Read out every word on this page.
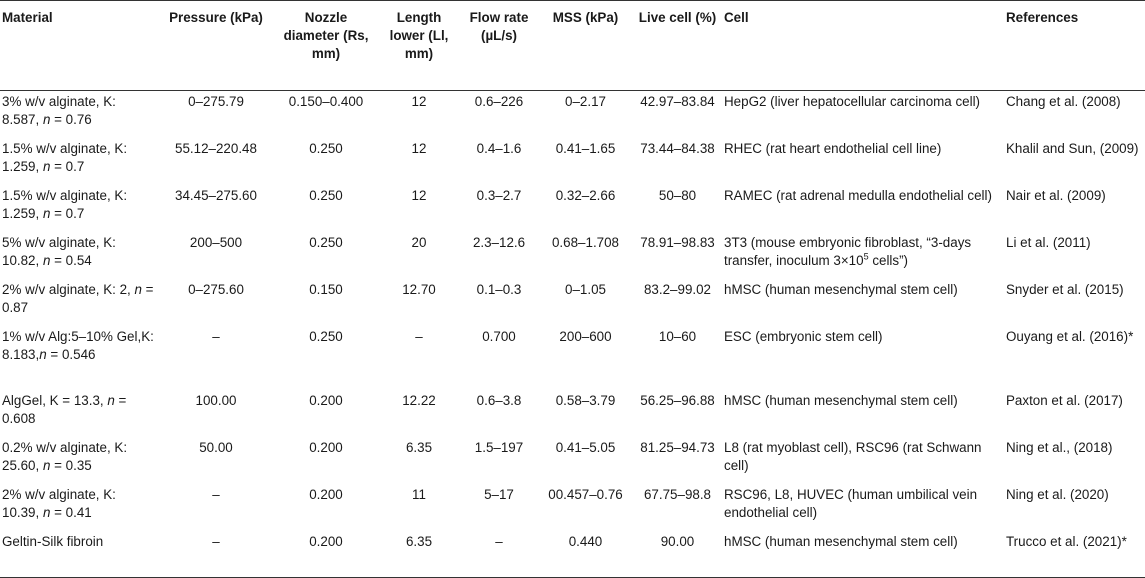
Material	Pressure (kPa)	Nozzle diameter (Rs, mm)	Length lower (Ll, mm)	Flow rate (µL/s)	MSS (kPa)	Live cell (%)	Cell	References
3% w/v alginate, K: 8.587, n = 0.76	0–275.79	0.150–0.400	12	0.6–226	0–2.17	42.97–83.84	HepG2 (liver hepatocellular carcinoma cell)	Chang et al. (2008)
1.5% w/v alginate, K: 1.259, n = 0.7	55.12–220.48	0.250	12	0.4–1.6	0.41–1.65	73.44–84.38	RHEC (rat heart endothelial cell line)	Khalil and Sun, (2009)
1.5% w/v alginate, K: 1.259, n = 0.7	34.45–275.60	0.250	12	0.3–2.7	0.32–2.66	50–80	RAMEC (rat adrenal medulla endothelial cell)	Nair et al. (2009)
5% w/v alginate, K: 10.82, n = 0.54	200–500	0.250	20	2.3–12.6	0.68–1.708	78.91–98.83	3T3 (mouse embryonic fibroblast, “3-days transfer, inoculum $3\times 10^5$ cells”)	Li et al. (2011)
2% w/v alginate, K: 2, n = 0.87	0–275.60	0.150	12.70	0.1–0.3	0–1.05	83.2–99.02	hMSC (human mesenchymal stem cell)	Snyder et al. (2015)
1% w/v Alg:5–10% Gel,K: 8.183,n = 0.546	–	0.250	–	0.700	200–600	10–60	ESC (embryonic stem cell)	Ouyang et al. (2016)*
AlgGel, K = 13.3, n = 0.608	100.00	0.200	12.22	0.6–3.8	0.58–3.79	56.25–96.88	hMSC (human mesenchymal stem cell)	Paxton et al. (2017)
0.2% w/v alginate, K: 25.60, n = 0.35	50.00	0.200	6.35	1.5–197	0.41–5.05	81.25–94.73	L8 (rat myoblast cell), RSC96 (rat Schwann cell)	Ning et al., (2018)
2% w/v alginate, K: 10.39, n = 0.41	–	0.200	11	5–17	00.457–0.76	67.75–98.8	RSC96, L8, HUVEC (human umbilical vein endothelial cell)	Ning et al. (2020)
Geltin-Silk fibroin	–	0.200	6.35	–	0.440	90.00	hMSC (human mesenchymal stem cell)	Trucco et al. (2021)*
